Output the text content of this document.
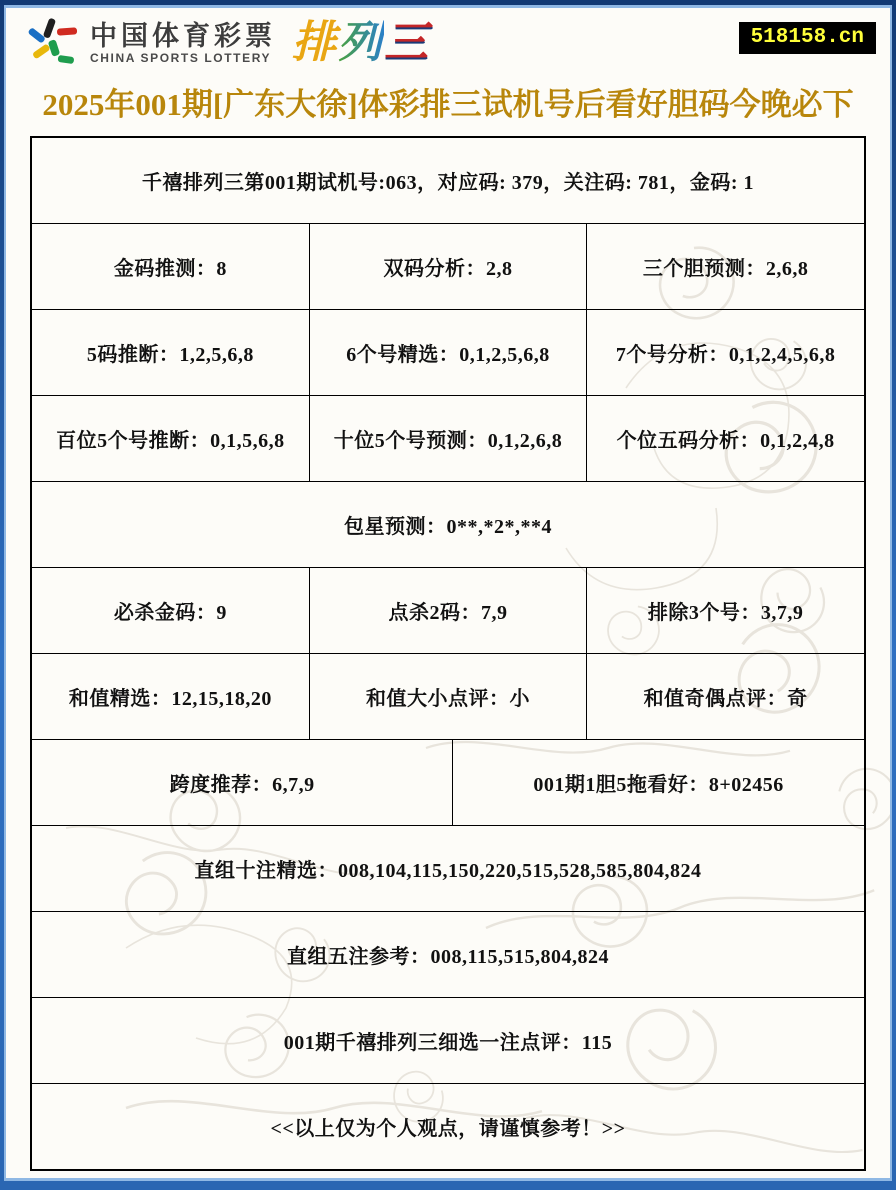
中国体育彩票
CHINA SPORTS LOTTERY 排 列 三	518158.cn
2025年001期[广东大徐]体彩排三试机号后看好胆码今晚必下
千禧排列三第001期试机号:063，对应码: 379，关注码: 781，金码: 1
金码推测：8	双码分析：2,8	三个胆预测：2,6,8
5码推断：1,2,5,6,8	6个号精选：0,1,2,5,6,8	7个号分析：0,1,2,4,5,6,8
百位5个号推断：0,1,5,6,8	十位5个号预测：0,1,2,6,8	个位五码分析：0,1,2,4,8
包星预测：0**,*2*,**4
必杀金码：9	点杀2码：7,9	排除3个号：3,7,9
和值精选：12,15,18,20	和值大小点评：小	和值奇偶点评：奇
跨度推荐：6,7,9	001期1胆5拖看好：8+02456
直组十注精选：008,104,115,150,220,515,528,585,804,824
直组五注参考：008,115,515,804,824
001期千禧排列三细选一注点评：115
<<以上仅为个人观点，请谨慎参考！>>
